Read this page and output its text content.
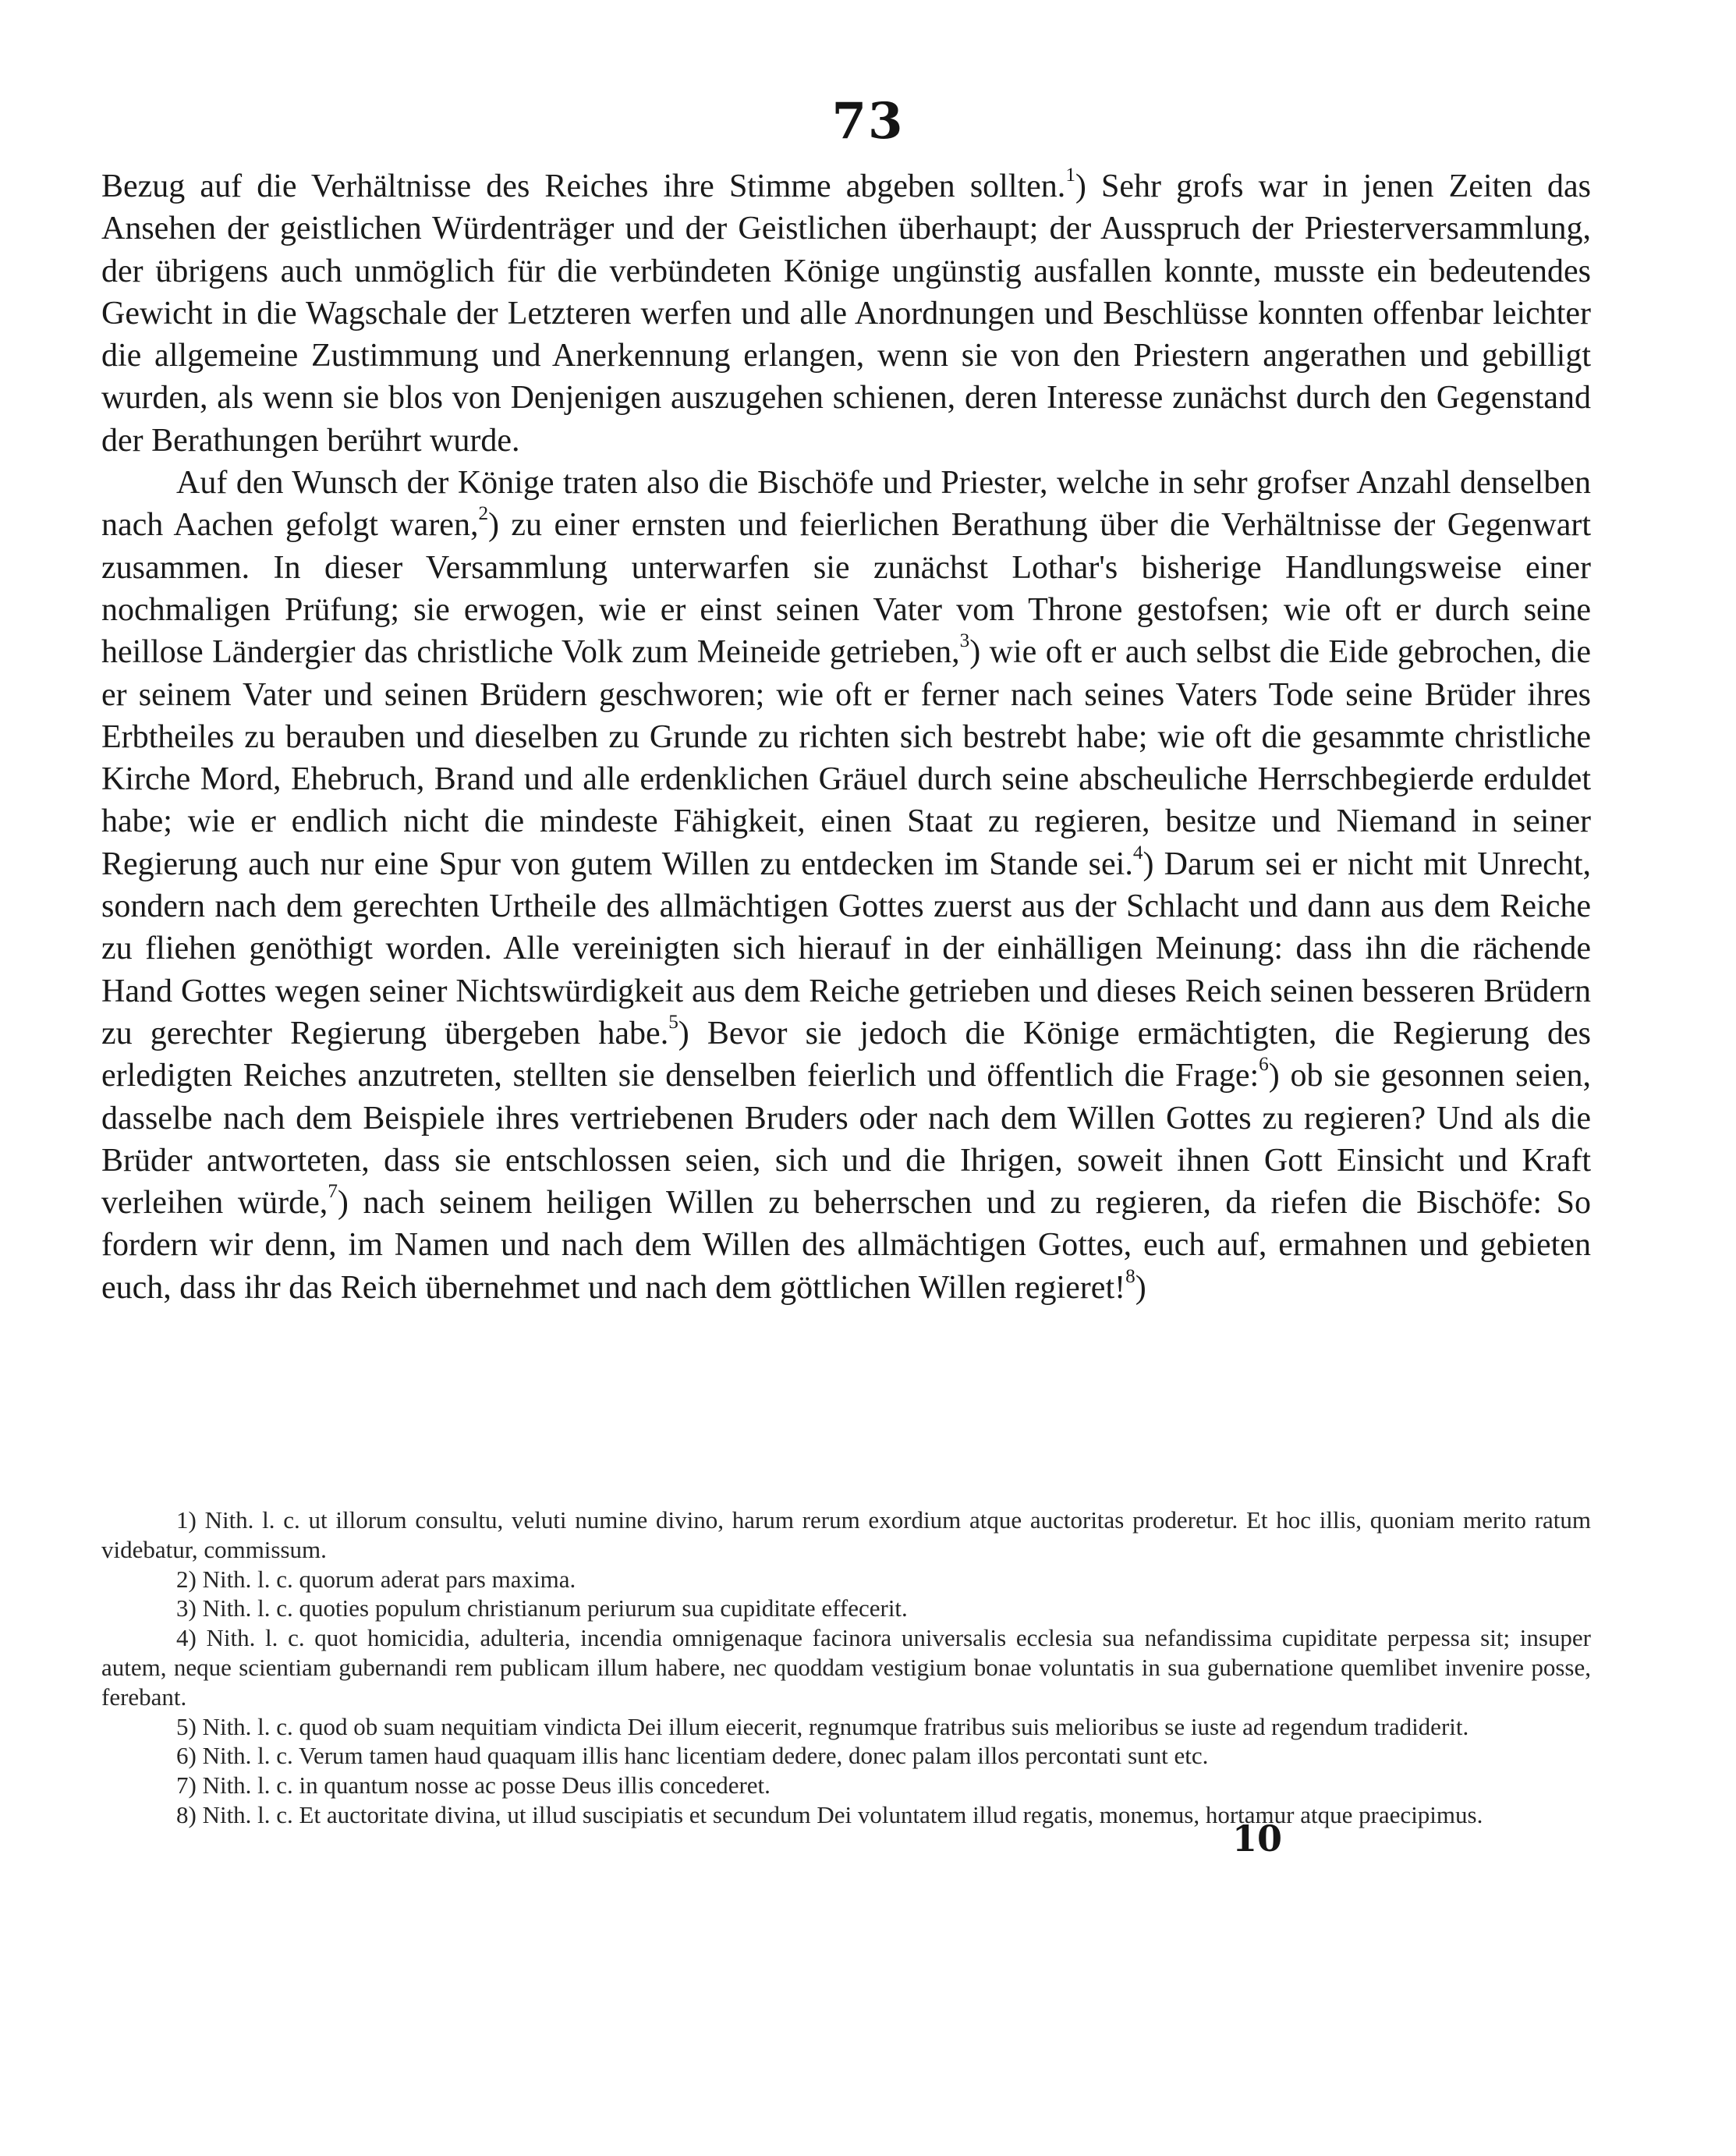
73

Bezug auf die Verhältnisse des Reiches ihre Stimme abgeben sollten.$^1$) Sehr grofs war in jenen Zeiten das Ansehen der geistlichen Würdenträger und der Geistlichen überhaupt; der Ausspruch der Priesterversammlung, der übrigens auch unmöglich für die verbündeten Könige ungünstig ausfallen konnte, musste ein bedeutendes Gewicht in die Wagschale der Letzteren werfen und alle Anordnungen und Beschlüsse konnten offenbar leichter die allgemeine Zustimmung und Anerkennung erlangen, wenn sie von den Priestern angerathen und gebilligt wurden, als wenn sie blos von Denjenigen auszugehen schienen, deren Interesse zunächst durch den Gegenstand der Berathungen berührt wurde.

Auf den Wunsch der Könige traten also die Bischöfe und Priester, welche in sehr grofser Anzahl denselben nach Aachen gefolgt waren,$^2$) zu einer ernsten und feierlichen Berathung über die Verhältnisse der Gegenwart zusammen. In dieser Versammlung unterwarfen sie zunächst Lothar's bisherige Handlungsweise einer nochmaligen Prüfung; sie erwogen, wie er einst seinen Vater vom Throne gestofsen; wie oft er durch seine heillose Ländergier das christliche Volk zum Meineide getrieben,$^3$) wie oft er auch selbst die Eide gebrochen, die er seinem Vater und seinen Brüdern geschworen; wie oft er ferner nach seines Vaters Tode seine Brüder ihres Erbtheiles zu berauben und dieselben zu Grunde zu richten sich bestrebt habe; wie oft die gesammte christliche Kirche Mord, Ehebruch, Brand und alle erdenklichen Gräuel durch seine abscheuliche Herrschbegierde erduldet habe; wie er endlich nicht die mindeste Fähigkeit, einen Staat zu regieren, besitze und Niemand in seiner Regierung auch nur eine Spur von gutem Willen zu entdecken im Stande sei.$^4$) Darum sei er nicht mit Unrecht, sondern nach dem gerechten Urtheile des allmächtigen Gottes zuerst aus der Schlacht und dann aus dem Reiche zu fliehen genöthigt worden. Alle vereinigten sich hierauf in der einhälligen Meinung: dass ihn die rächende Hand Gottes wegen seiner Nichtswürdigkeit aus dem Reiche getrieben und dieses Reich seinen besseren Brüdern zu gerechter Regierung übergeben habe.$^5$) Bevor sie jedoch die Könige ermächtigten, die Regierung des erledigten Reiches anzutreten, stellten sie denselben feierlich und öffentlich die Frage:$^6$) ob sie gesonnen seien, dasselbe nach dem Beispiele ihres vertriebenen Bruders oder nach dem Willen Gottes zu regieren? Und als die Brüder antworteten, dass sie entschlossen seien, sich und die Ihrigen, soweit ihnen Gott Einsicht und Kraft verleihen würde,$^7$) nach seinem heiligen Willen zu beherrschen und zu regieren, da riefen die Bischöfe: So fordern wir denn, im Namen und nach dem Willen des allmächtigen Gottes, euch auf, ermahnen und gebieten euch, dass ihr das Reich übernehmet und nach dem göttlichen Willen regieret!$^8$)

1) Nith. l. c. ut illorum consultu, veluti numine divino, harum rerum exordium atque auctoritas proderetur. Et hoc illis, quoniam merito ratum videbatur, commissum.

2) Nith. l. c. quorum aderat pars maxima.

3) Nith. l. c. quoties populum christianum periurum sua cupiditate effecerit.

4) Nith. l. c. quot homicidia, adulteria, incendia omnigenaque facinora universalis ecclesia sua nefandissima cupiditate perpessa sit; insuper autem, neque scientiam gubernandi rem publicam illum habere, nec quoddam vestigium bonae voluntatis in sua gubernatione quemlibet invenire posse, ferebant.

5) Nith. l. c. quod ob suam nequitiam vindicta Dei illum eiecerit, regnumque fratribus suis melioribus se iuste ad regendum tradiderit.

6) Nith. l. c. Verum tamen haud quaquam illis hanc licentiam dedere, donec palam illos percontati sunt etc.

7) Nith. l. c. in quantum nosse ac posse Deus illis concederet.

8) Nith. l. c. Et auctoritate divina, ut illud suscipiatis et secundum Dei voluntatem illud regatis, monemus, hortamur atque praecipimus.

10
